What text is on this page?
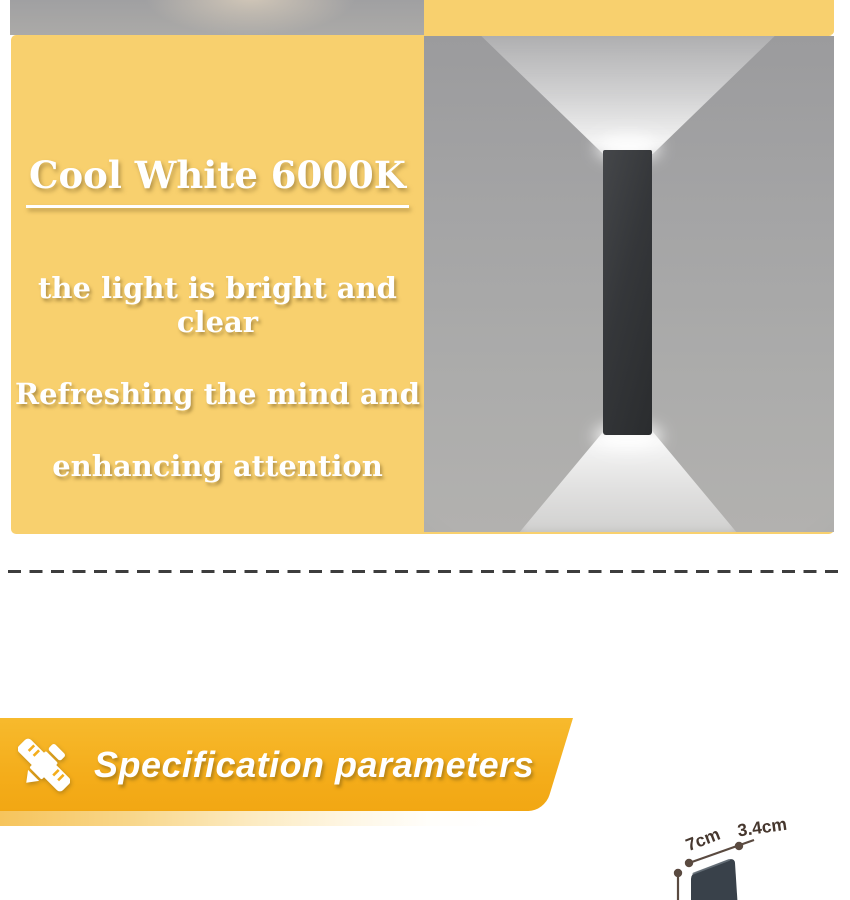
Cool White 6000K

the light is bright and clear

Refreshing the mind and

enhancing attention

Specification parameters
7cm 3.4cm
